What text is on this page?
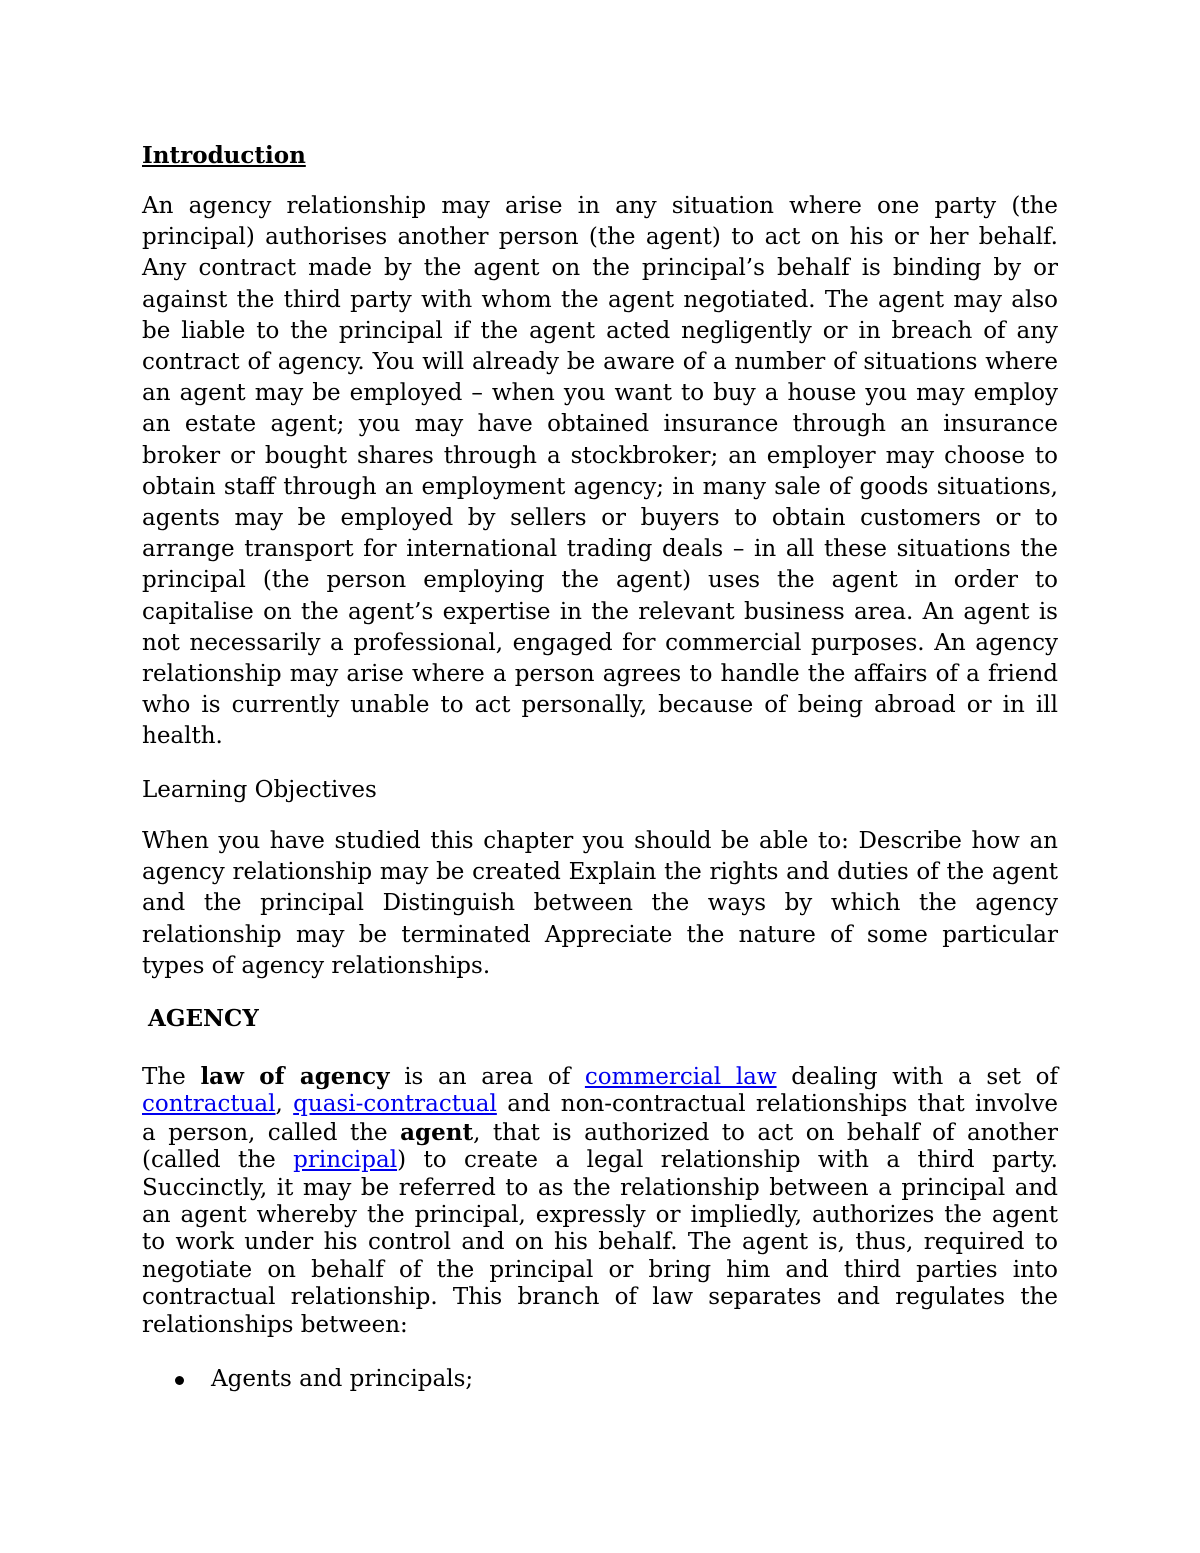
Introduction

An agency relationship may arise in any situation where one party (the principal) authorises another person (the agent) to act on his or her behalf. Any contract made by the agent on the principal’s behalf is binding by or against the third party with whom the agent negotiated. The agent may also be liable to the principal if the agent acted negligently or in breach of any contract of agency. You will already be aware of a number of situations where an agent may be employed – when you want to buy a house you may employ an estate agent; you may have obtained insurance through an insurance broker or bought shares through a stockbroker; an employer may choose to obtain staff through an employment agency; in many sale of goods situations, agents may be employed by sellers or buyers to obtain customers or to arrange transport for international trading deals – in all these situations the principal (the person employing the agent) uses the agent in order to capitalise on the agent’s expertise in the relevant business area. An agent is not necessarily a professional, engaged for commercial purposes. An agency relationship may arise where a person agrees to handle the affairs of a friend who is currently unable to act personally, because of being abroad or in ill health.

Learning Objectives

When you have studied this chapter you should be able to: Describe how an agency relationship may be created Explain the rights and duties of the agent and the principal Distinguish between the ways by which the agency relationship may be terminated Appreciate the nature of some particular types of agency relationships.

AGENCY

The law of agency is an area of commercial law dealing with a set of contractual, quasi-contractual and non-contractual relationships that involve a person, called the agent, that is authorized to act on behalf of another (called the principal) to create a legal relationship with a third party. Succinctly, it may be referred to as the relationship between a principal and an agent whereby the principal, expressly or impliedly, authorizes the agent to work under his control and on his behalf. The agent is, thus, required to negotiate on behalf of the principal or bring him and third parties into contractual relationship. This branch of law separates and regulates the relationships between:

Agents and principals;
